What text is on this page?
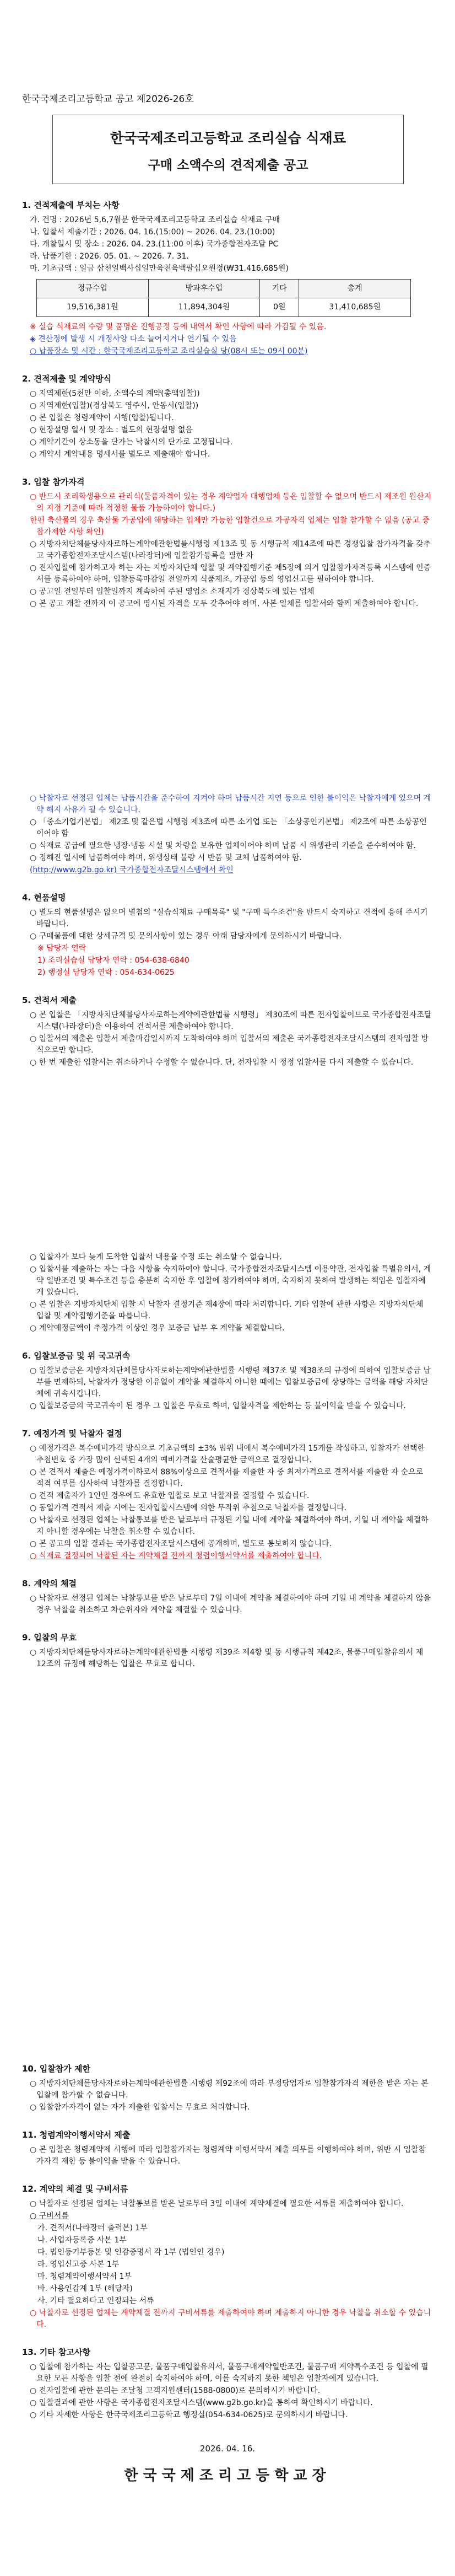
한국국제조리고등학교 공고 제2026-26호
한국국제조리고등학교 조리실습 식재료
구매 소액수의 견적제출 공고
1. 견적제출에 부치는 사항
가. 건명 : 2026년 5,6,7월분 한국국제조리고등학교 조리실습 식재료 구매
나. 입찰서 제출기간 : 2026. 04. 16.(15:00) ~ 2026. 04. 23.(10:00)
다. 개찰일시 및 장소 : 2026. 04. 23.(11:00 이후) 국가종합전자조달 PC
라. 납품기한 : 2026. 05. 01. ~ 2026. 7. 31.
마. 기초금액 : 일금 삼천일백사십일만육천육백팔십오원정(₩31,416,685원)
정규수업	방과후수업	기타	총계
19,516,381원	11,894,304원	0원	31,410,685원
※ 실습 식재료의 수량 및 품명은 진행공정 등에 내역서 확인 사항에 따라 가감될 수 있음.
◈ 견산정에 발생 시 개정사양 다소 늘어지거나 연기될 수 있음
○ 납품장소 및 시간 : 한국국제조리고등학교 조리실습실 당(08시 또는 09시 00분)
2. 견적제출 및 계약방식
○ 지역제한(5천만 이하, 소액수의 계약(총액입찰))
○ 지역제한(입찰)(경상북도 영주시, 안동시(입찰))
○ 본 입찰은 청렴계약이 시행(입찰)됩니다.
○ 현장설명 일시 및 장소 : 별도의 현장설명 없음
○ 계약기간이 상소동을 단가는 낙찰시의 단가로 고정됩니다.
○ 계약서 계약내용 명세서를 별도로 제출해야 합니다.
3. 입찰 참가자격
○ 반드시 조리학생용으로 관리식(물품자격이 있는 경우 계약업자 대행업체 등은 입찰할 수 없으며 반드시 제조원 원산지의 지정 기준에 따라 적정한 물품 가능하여야 합니다.)
한편 축산물의 경우 축산물 가공업에 해당하는 업체만 가능한 입찰건으로 가공자격 업체는 입찰 참가할 수 없음 (공고 중 참가제한 사항 확인)
○ 지방자치단체를당사자로하는계약에관한법률시행령 제13조 및 동 시행규칙 제14조에 따른 경쟁입찰 참가자격을 갖추고 국가종합전자조달시스템(나라장터)에 입찰참가등록을 필한 자
○ 전자입찰에 참가하고자 하는 자는 지방자치단체 입찰 및 계약집행기준 제5장에 의거 입찰참가자격등록 시스템에 인증서를 등록하여야 하며, 입찰등록마감일 전일까지 식품제조, 가공업 등의 영업신고를 필하여야 합니다.
○ 공고일 전일부터 입찰일까지 계속하여 주된 영업소 소재지가 경상북도에 있는 업체
○ 본 공고 개찰 전까지 이 공고에 명시된 자격을 모두 갖추어야 하며, 사본 일체를 입찰서와 함께 제출하여야 합니다.
○ 낙찰자로 선정된 업체는 납품시간을 준수하여 지켜야 하며 납품시간 지연 등으로 인한 불이익은 낙찰자에게 있으며 계약 해지 사유가 될 수 있습니다.
○ 「중소기업기본법」 제2조 및 같은법 시행령 제3조에 따른 소기업 또는 「소상공인기본법」 제2조에 따른 소상공인 이어야 함
○ 식재료 공급에 필요한 냉장·냉동 시설 및 차량을 보유한 업체이어야 하며 납품 시 위생관리 기준을 준수하여야 함.
○ 정해진 일시에 납품하여야 하며, 위생상태 불량 시 반품 및 교체 납품하여야 함.
(http://www.g2b.go.kr) 국가종합전자조달시스템에서 확인
4. 현품설명
○ 별도의 현품설명은 없으며 별첨의 "실습식재료 구매목록" 및 "구매 특수조건"을 반드시 숙지하고 견적에 응해 주시기 바랍니다.
○ 구매물품에 대한 상세규격 및 문의사항이 있는 경우 아래 담당자에게 문의하시기 바랍니다.
※ 담당자 연락
1) 조리실습실 담당자 연락 : 054-638-6840
2) 행정실 담당자 연락 : 054-634-0625
5. 견적서 제출
○ 본 입찰은 「지방자치단체를당사자로하는계약에관한법률 시행령」 제30조에 따른 전자입찰이므로 국가종합전자조달시스템(나라장터)을 이용하여 견적서를 제출하여야 합니다.
○ 입찰서의 제출은 입찰서 제출마감일시까지 도착하여야 하며 입찰서의 제출은 국가종합전자조달시스템의 전자입찰 방식으로만 합니다.
○ 한 번 제출한 입찰서는 취소하거나 수정할 수 없습니다. 단, 전자입찰 시 정정 입찰서를 다시 제출할 수 있습니다.
○ 입찰자가 보다 늦게 도착한 입찰서 내용을 수정 또는 취소할 수 없습니다.
○ 입찰서를 제출하는 자는 다음 사항을 숙지하여야 합니다. 국가종합전자조달시스템 이용약관, 전자입찰 특별유의서, 계약 일반조건 및 특수조건 등을 충분히 숙지한 후 입찰에 참가하여야 하며, 숙지하지 못하여 발생하는 책임은 입찰자에게 있습니다.
○ 본 입찰은 지방자치단체 입찰 시 낙찰자 결정기준 제4장에 따라 처리합니다. 기타 입찰에 관한 사항은 지방자치단체 입찰 및 계약집행기준을 따릅니다.
○ 계약예정금액이 추정가격 이상인 경우 보증금 납부 후 계약을 체결합니다.
6. 입찰보증금 및 위 국고귀속
○ 입찰보증금은 지방자치단체를당사자로하는계약에관한법률 시행령 제37조 및 제38조의 규정에 의하여 입찰보증금 납부를 면제하되, 낙찰자가 정당한 이유없이 계약을 체결하지 아니한 때에는 입찰보증금에 상당하는 금액을 해당 자치단체에 귀속시킵니다.
○ 입찰보증금의 국고귀속이 된 경우 그 입찰은 무효로 하며, 입찰자격을 제한하는 등 불이익을 받을 수 있습니다.
7. 예정가격 및 낙찰자 결정
○ 예정가격은 복수예비가격 방식으로 기초금액의 ±3% 범위 내에서 복수예비가격 15개를 작성하고, 입찰자가 선택한 추첨번호 중 가장 많이 선택된 4개의 예비가격을 산술평균한 금액으로 결정합니다.
○ 본 견적서 제출은 예정가격이하로서 88%이상으로 견적서를 제출한 자 중 최저가격으로 견적서를 제출한 자 순으로 적격 여부를 심사하여 낙찰자를 결정합니다.
○ 견적 제출자가 1인인 경우에도 유효한 입찰로 보고 낙찰자를 결정할 수 있습니다.
○ 동일가격 견적서 제출 시에는 전자입찰시스템에 의한 무작위 추첨으로 낙찰자를 결정합니다.
○ 낙찰자로 선정된 업체는 낙찰통보를 받은 날로부터 규정된 기일 내에 계약을 체결하여야 하며, 기일 내 계약을 체결하지 아니할 경우에는 낙찰을 취소할 수 있습니다.
○ 본 공고의 입찰 결과는 국가종합전자조달시스템에 공개하며, 별도로 통보하지 않습니다.
○ 식재료 결정되어 낙찰된 자는 계약체결 전까지 청렴이행서약서를 제출하여야 합니다.
8. 계약의 체결
○ 낙찰자로 선정된 업체는 낙찰통보를 받은 날로부터 7일 이내에 계약을 체결하여야 하며 기일 내 계약을 체결하지 않을 경우 낙찰을 취소하고 차순위자와 계약을 체결할 수 있습니다.
9. 입찰의 무효
○ 지방자치단체를당사자로하는계약에관한법률 시행령 제39조 제4항 및 동 시행규칙 제42조, 물품구매입찰유의서 제12조의 규정에 해당하는 입찰은 무효로 합니다.
10. 입찰참가 제한
○ 지방자치단체를당사자로하는계약에관한법률 시행령 제92조에 따라 부정당업자로 입찰참가자격 제한을 받은 자는 본 입찰에 참가할 수 없습니다.
○ 입찰참가자격이 없는 자가 제출한 입찰서는 무효로 처리합니다.
11. 청렴계약이행서약서 제출
○ 본 입찰은 청렴계약제 시행에 따라 입찰참가자는 청렴계약 이행서약서 제출 의무를 이행하여야 하며, 위반 시 입찰참가자격 제한 등 불이익을 받을 수 있습니다.
12. 계약의 체결 및 구비서류
○ 낙찰자로 선정된 업체는 낙찰통보를 받은 날로부터 3일 이내에 계약체결에 필요한 서류를 제출하여야 합니다.
○ 구비서류
가. 견적서(나라장터 출력본) 1부
나. 사업자등록증 사본 1부
다. 법인등기부등본 및 인감증명서 각 1부 (법인인 경우)
라. 영업신고증 사본 1부
마. 청렴계약이행서약서 1부
바. 사용인감계 1부 (해당자)
사. 기타 필요하다고 인정되는 서류
○ 낙찰자로 선정된 업체는 계약체결 전까지 구비서류를 제출하여야 하며 제출하지 아니한 경우 낙찰을 취소할 수 있습니다.
13. 기타 참고사항
○ 입찰에 참가하는 자는 입찰공고문, 물품구매입찰유의서, 물품구매계약일반조건, 물품구매 계약특수조건 등 입찰에 필요한 모든 사항을 입찰 전에 완전히 숙지하여야 하며, 이를 숙지하지 못한 책임은 입찰자에게 있습니다.
○ 전자입찰에 관한 문의는 조달청 고객지원센터(1588-0800)로 문의하시기 바랍니다.
○ 입찰결과에 관한 사항은 국가종합전자조달시스템(www.g2b.go.kr)을 통하여 확인하시기 바랍니다.
○ 기타 자세한 사항은 한국국제조리고등학교 행정실(054-634-0625)로 문의하시기 바랍니다.
2026. 04. 16.
한국국제조리고등학교장
